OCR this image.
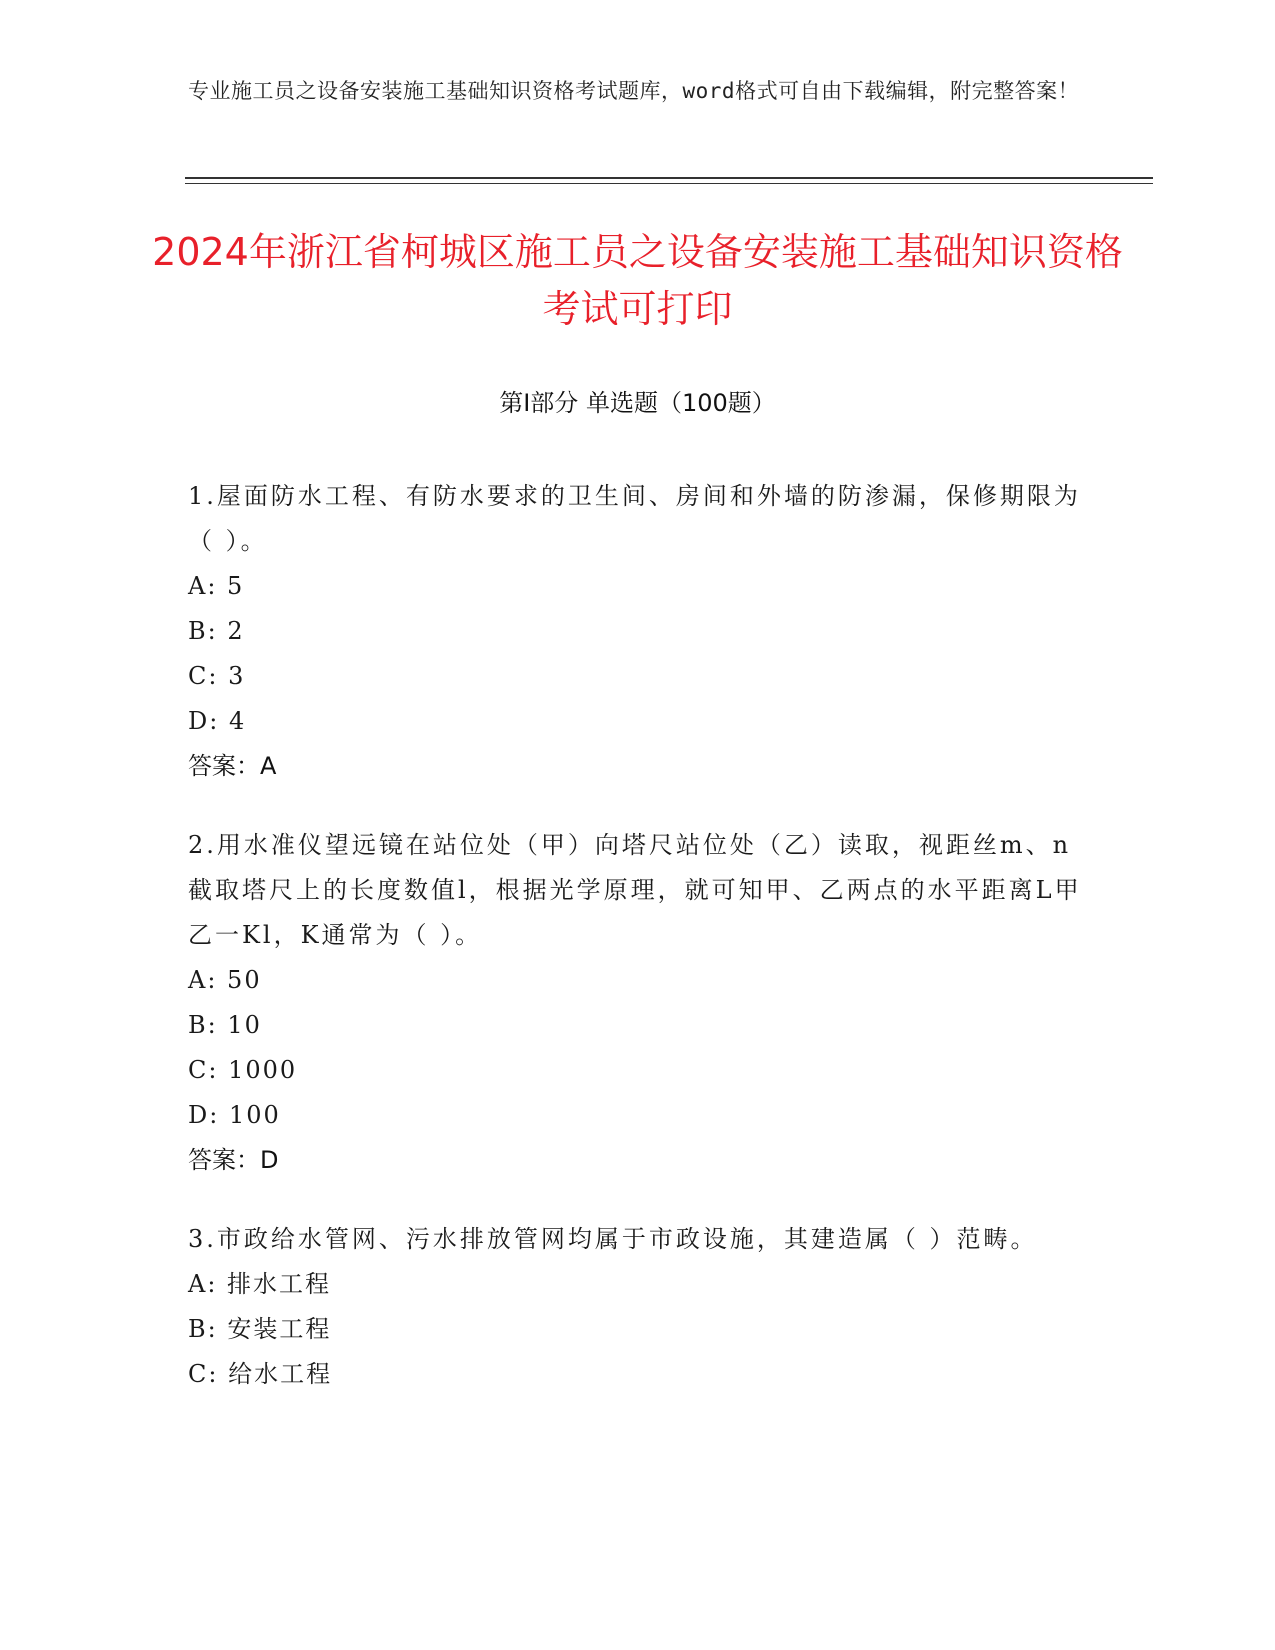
专业施工员之设备安装施工基础知识资格考试题库，word格式可自由下载编辑，附完整答案！
2024年浙江省柯城区施工员之设备安装施工基础知识资格考试可打印
第Ⅰ部分 单选题（100题）

1.屋面防水工程、有防水要求的卫生间、房间和外墙的防渗漏，保修期限为（ ）。

A: 5

B: 2

C: 3

D: 4

答案：A

2.用水准仪望远镜在站位处（甲）向塔尺站位处（乙）读取，视距丝m、n截取塔尺上的长度数值l，根据光学原理，就可知甲、乙两点的水平距离L甲乙一Kl，K通常为（ ）。

A: 50

B: 10

C: 1000

D: 100

答案：D

3.市政给水管网、污水排放管网均属于市政设施，其建造属（ ）范畴。

A: 排水工程

B: 安装工程

C: 给水工程
